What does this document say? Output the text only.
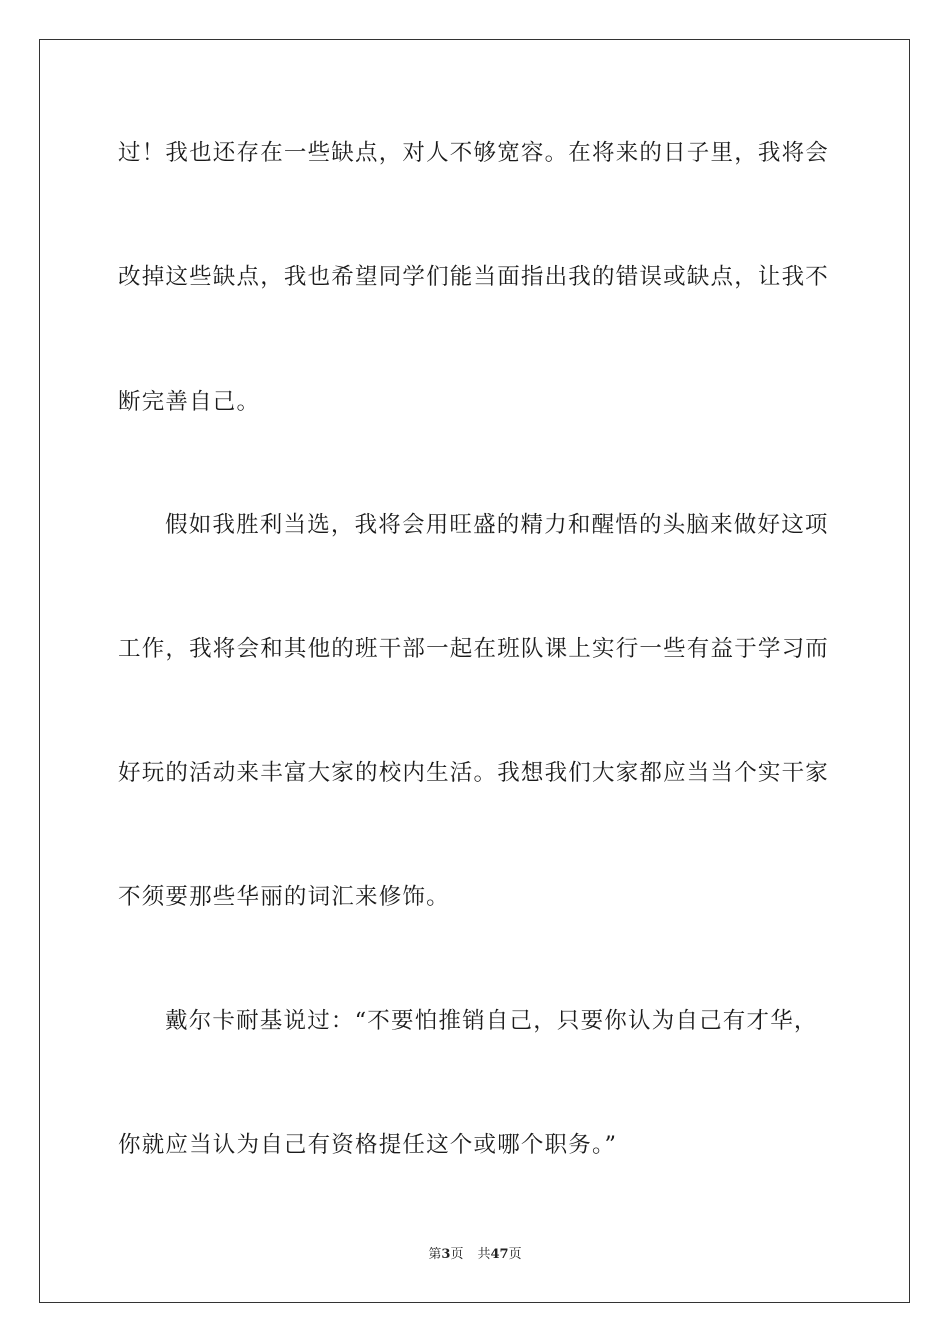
过！我也还存在一些缺点，对人不够宽容。在将来的日子里，我将会
改掉这些缺点，我也希望同学们能当面指出我的错误或缺点，让我不
断完善自己。
假如我胜利当选，我将会用旺盛的精力和醒悟的头脑来做好这项
工作，我将会和其他的班干部一起在班队课上实行一些有益于学习而
好玩的活动来丰富大家的校内生活。我想我们大家都应当当个实干家
不须要那些华丽的词汇来修饰。
戴尔卡耐基说过：“不要怕推销自己，只要你认为自己有才华，
你就应当认为自己有资格提任这个或哪个职务。”
第3页 共47页
